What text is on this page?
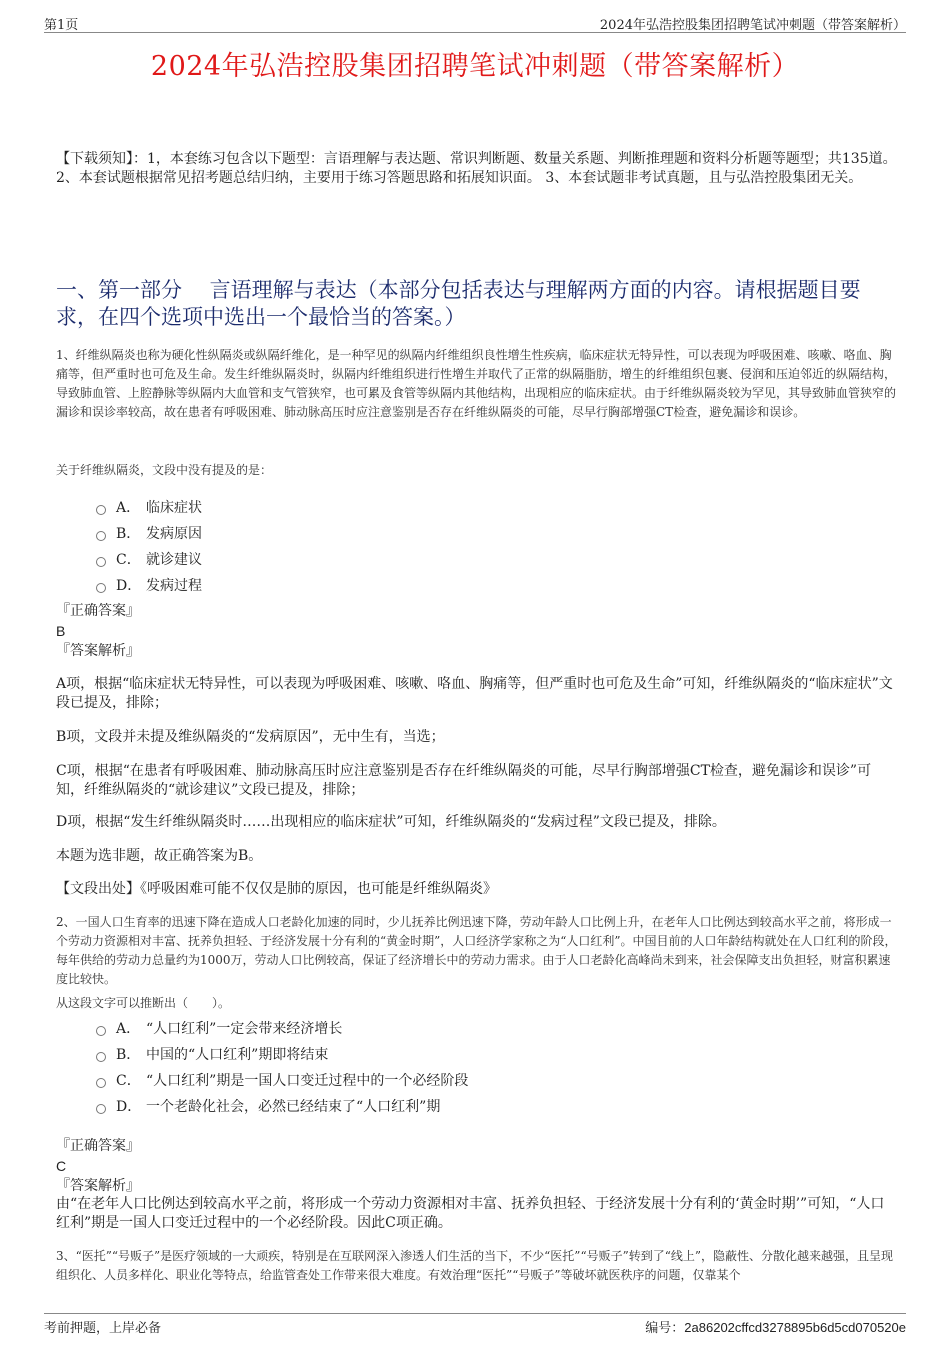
第1页	2024年弘浩控股集团招聘笔试冲刺题（带答案解析）
2024年弘浩控股集团招聘笔试冲刺题（带答案解析）
【下载须知】：1，本套练习包含以下题型：言语理解与表达题、常识判断题、数量关系题、判断推理题和资料分析题等题型；共135道。 2、本套试题根据常见招考题总结归纳，主要用于练习答题思路和拓展知识面。 3、本套试题非考试真题，且与弘浩控股集团无关。
一、第一部分　 言语理解与表达（本部分包括表达与理解两方面的内容。请根据题目要求，在四个选项中选出一个最恰当的答案。）
1、纤维纵隔炎也称为硬化性纵隔炎或纵隔纤维化，是一种罕见的纵隔内纤维组织良性增生性疾病，临床症状无特异性，可以表现为呼吸困难、咳嗽、咯血、胸痛等，但严重时也可危及生命。发生纤维纵隔炎时，纵隔内纤维组织进行性增生并取代了正常的纵隔脂肪，增生的纤维组织包裹、侵润和压迫邻近的纵隔结构，导致肺血管、上腔静脉等纵隔内大血管和支气管狭窄，也可累及食管等纵隔内其他结构，出现相应的临床症状。由于纤维纵隔炎较为罕见，其导致肺血管狭窄的漏诊和误诊率较高，故在患者有呼吸困难、肺动脉高压时应注意鉴别是否存在纤维纵隔炎的可能，尽早行胸部增强CT检查，避免漏诊和误诊。
关于纤维纵隔炎，文段中没有提及的是：
A． 临床症状
B． 发病原因
C． 就诊建议
D． 发病过程
『正确答案』
B
『答案解析』
A项，根据“临床症状无特异性，可以表现为呼吸困难、咳嗽、咯血、胸痛等，但严重时也可危及生命”可知，纤维纵隔炎的“临床症状”文段已提及，排除；
B项，文段并未提及维纵隔炎的“发病原因”，无中生有，当选；
C项，根据“在患者有呼吸困难、肺动脉高压时应注意鉴别是否存在纤维纵隔炎的可能，尽早行胸部增强CT检查，避免漏诊和误诊”可知，纤维纵隔炎的“就诊建议”文段已提及，排除；
D项，根据“发生纤维纵隔炎时……出现相应的临床症状”可知，纤维纵隔炎的“发病过程”文段已提及，排除。
本题为选非题，故正确答案为B。
【文段出处】《呼吸困难可能不仅仅是肺的原因，也可能是纤维纵隔炎》
2、一国人口生育率的迅速下降在造成人口老龄化加速的同时，少儿抚养比例迅速下降，劳动年龄人口比例上升，在老年人口比例达到较高水平之前，将形成一个劳动力资源相对丰富、抚养负担轻、于经济发展十分有利的“黄金时期”，人口经济学家称之为“人口红利”。中国目前的人口年龄结构就处在人口红利的阶段，每年供给的劳动力总量约为1000万，劳动人口比例较高，保证了经济增长中的劳动力需求。由于人口老龄化高峰尚未到来，社会保障支出负担轻，财富积累速度比较快。
从这段文字可以推断出（　　）。
A． “人口红利”一定会带来经济增长
B． 中国的“人口红利”期即将结束
C． “人口红利”期是一国人口变迁过程中的一个必经阶段
D． 一个老龄化社会，必然已经结束了“人口红利”期
『正确答案』
C
『答案解析』
由“在老年人口比例达到较高水平之前，将形成一个劳动力资源相对丰富、抚养负担轻、于经济发展十分有利的‘黄金时期’”可知，“人口红利”期是一国人口变迁过程中的一个必经阶段。因此C项正确。
3、“医托”“号贩子”是医疗领域的一大顽疾，特别是在互联网深入渗透人们生活的当下，不少“医托”“号贩子”转到了“线上”，隐蔽性、分散化越来越强，且呈现组织化、人员多样化、职业化等特点，给监管查处工作带来很大难度。有效治理“医托”“号贩子”等破坏就医秩序的问题，仅靠某个
考前押题，上岸必备	编号：2a86202cffcd3278895b6d5cd070520e
